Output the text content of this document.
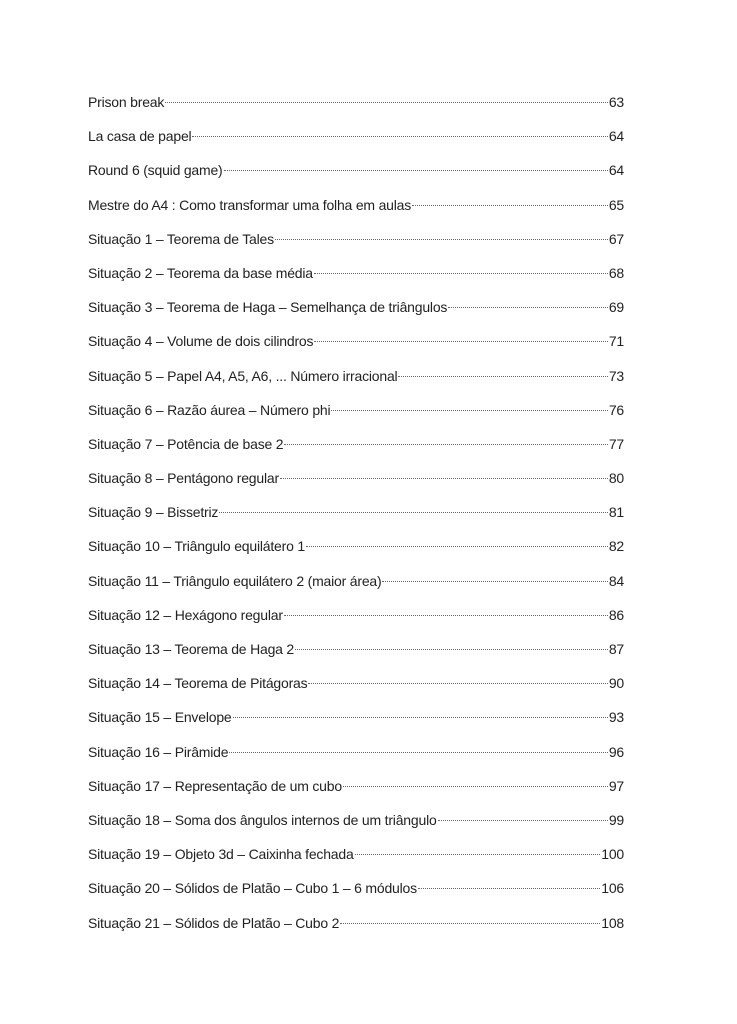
Prison break	63
La casa de papel	64
Round 6 (squid game)	64
Mestre do A4 : Como transformar uma folha em aulas	65
Situação 1 – Teorema de Tales	67
Situação 2 – Teorema da base média	68
Situação 3 – Teorema de Haga – Semelhança de triângulos	69
Situação 4 – Volume de dois cilindros	71
Situação 5 – Papel A4, A5, A6, ... Número irracional	73
Situação 6 – Razão áurea – Número phi	76
Situação 7 – Potência de base 2	77
Situação 8 – Pentágono regular	80
Situação 9 – Bissetriz	81
Situação 10 – Triângulo equilátero 1	82
Situação 11 – Triângulo equilátero 2 (maior área)	84
Situação 12 – Hexágono regular	86
Situação 13 – Teorema de Haga 2	87
Situação 14 – Teorema de Pitágoras	90
Situação 15 – Envelope	93
Situação 16 – Pirâmide	96
Situação 17 – Representação de um cubo	97
Situação 18 – Soma dos ângulos internos de um triângulo	99
Situação 19 – Objeto 3d – Caixinha fechada	100
Situação 20 – Sólidos de Platão – Cubo 1 – 6 módulos	106
Situação 21 – Sólidos de Platão – Cubo 2	108
